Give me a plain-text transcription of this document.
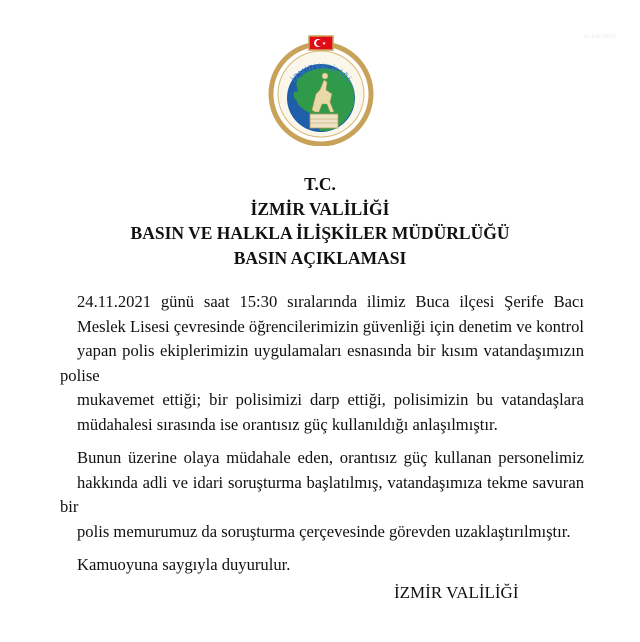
ankahaber
İZMİRVALİLİĞİ
T.C.
İZMİR VALİLİĞİ
BASIN VE HALKLA İLİŞKİLER MÜDÜRLÜĞÜ
BASIN AÇIKLAMASI
24.11.2021 günü saat 15:30 sıralarında ilimiz Buca ilçesi Şerife Bacı
Meslek Lisesi çevresinde öğrencilerimizin güvenliği için denetim ve kontrol
yapan polis ekiplerimizin uygulamaları esnasında bir kısım vatandaşımızın polise
mukavemet ettiği; bir polisimizi darp ettiği, polisimizin bu vatandaşlara
müdahalesi sırasında ise orantısız güç kullanıldığı anlaşılmıştır.
Bunun üzerine olaya müdahale eden, orantısız güç kullanan personelimiz
hakkında adli ve idari soruşturma başlatılmış, vatandaşımıza tekme savuran bir
polis memurumuz da soruşturma çerçevesinde görevden uzaklaştırılmıştır.
Kamuoyuna saygıyla duyurulur.
İZMİR VALİLİĞİ
